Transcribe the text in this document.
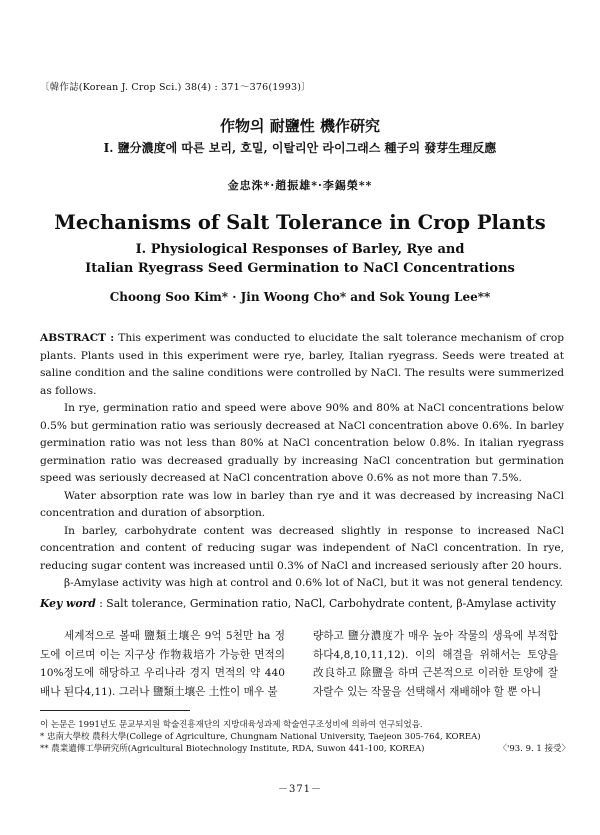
〔韓作誌(Korean J. Crop Sci.) 38(4) : 371～376(1993)〕
作物의 耐鹽性 機作硏究
Ⅰ. 鹽分濃度에 따른 보리, 호밀, 이탈리안 라이그래스 種子의 發芽生理反應
金忠洙*·趙振雄*·李錫榮**
Mechanisms of Salt Tolerance in Crop Plants
Ⅰ. Physiological Responses of Barley, Rye and
Italian Ryegrass Seed Germination to NaCl Concentrations
Choong Soo Kim* · Jin Woong Cho* and Sok Young Lee**

ABSTRACT : This experiment was conducted to elucidate the salt tolerance mechanism of crop plants. Plants used in this experiment were rye, barley, Italian ryegrass. Seeds were treated at saline condition and the saline conditions were controlled by NaCl. The results were summerized as follows.

In rye, germination ratio and speed were above 90% and 80% at NaCl concentrations below 0.5% but germination ratio was seriously decreased at NaCl concentration above 0.6%. In barley germination ratio was not less than 80% at NaCl concentration below 0.8%. In italian ryegrass germination ratio was decreased gradually by increasing NaCl concentration but germination speed was seriously decreased at NaCl concentration above 0.6% as not more than 7.5%.

Water absorption rate was low in barley than rye and it was decreased by increasing NaCl concentration and duration of absorption.

In barley, carbohydrate content was decreased slightly in response to increased NaCl concentration and content of reducing sugar was independent of NaCl concentration. In rye, reducing sugar content was increased until 0.3% of NaCl and increased seriously after 20 hours.

β-Amylase activity was high at control and 0.6% lot of NaCl, but it was not general tendency.

Key word : Salt tolerance, Germination ratio, NaCl, Carbohydrate content, β-Amylase activity

세계적으로 볼때 鹽類土壤은 9억 5천만 ha 정도에 이르며 이는 지구상 作物栽培가 가능한 면적의 10%정도에 해당하고 우리나라 경지 면적의 약 440배나 된다4,11). 그러나 鹽類土壤은 土性이 매우 불

량하고 鹽分濃度가 매우 높아 작물의 생육에 부적합 하다4,8,10,11,12). 이의 해결을 위해서는 토양을 改良하고 除鹽을 하며 근본적으로 이러한 토양에 잘 자랄수 있는 작물을 선택해서 재배해야 할 뿐 아니

이 논문은 1991년도 문교부지원 학술진흥재단의 지방대육성과제 학술연구조성비에 의하여 연구되었음.
* 忠南大學校 農科大學(College of Agriculture, Chungnam National University, Taejeon 305-764, KOREA)
** 農業遺傳工學硏究所(Agricultural Biotechnology Institute, RDA, Suwon 441-100, KOREA)	〈'93. 9. 1 接受〉
－371－
